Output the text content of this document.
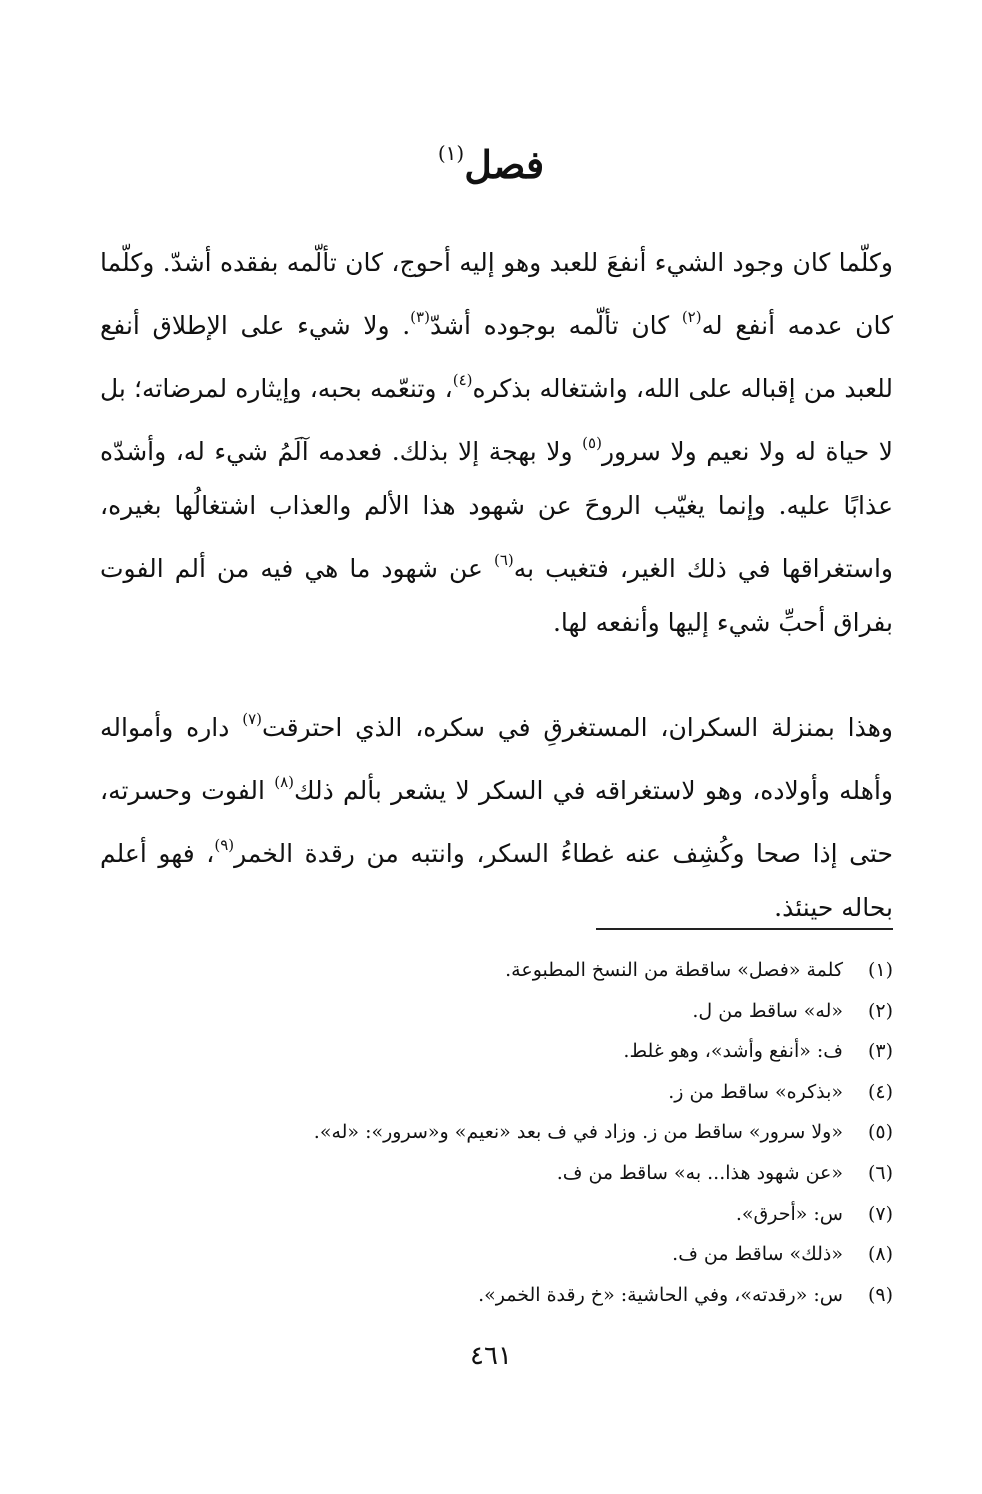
فصل$^{(١)}$

وكلّما كان وجود الشيء أنفعَ للعبد وهو إليه أحوج، كان تألّمه بفقده أشدّ. وكلّما كان عدمه أنفع له$^{(٢)}$ كان تألّمه بوجوده أشدّ$^{(٣)}$. ولا شيء على الإطلاق أنفع للعبد من إقباله على الله، واشتغاله بذكره$^{(٤)}$، وتنعّمه بحبه، وإيثاره لمرضاته؛ بل لا حياة له ولا نعيم ولا سرور$^{(٥)}$ ولا بهجة إلا بذلك. فعدمه آلَمُ شيء له، وأشدّه عذابًا عليه. وإنما يغيّب الروحَ عن شهود هذا الألم والعذاب اشتغالُها بغيره، واستغراقها في ذلك الغير، فتغيب به$^{(٦)}$ عن شهود ما هي فيه من ألم الفوت بفراق أحبِّ شيء إليها وأنفعه لها.

وهذا بمنزلة السكران، المستغرقِ في سكره، الذي احترقت$^{(٧)}$ داره وأمواله وأهله وأولاده، وهو لاستغراقه في السكر لا يشعر بألم ذلك$^{(٨)}$ الفوت وحسرته، حتى إذا صحا وكُشِف عنه غطاءُ السكر، وانتبه من رقدة الخمر$^{(٩)}$، فهو أعلم بحاله حينئذ.

(١)
كلمة «فصل» ساقطة من النسخ المطبوعة.
(٢)
«له» ساقط من ل.
(٣)
ف: «أنفع وأشد»، وهو غلط.
(٤)
«بذكره» ساقط من ز.
(٥)
«ولا سرور» ساقط من ز. وزاد في ف بعد «نعيم» و«سرور»: «له».
(٦)
«عن شهود هذا... به» ساقط من ف.
(٧)
س: «أحرق».
(٨)
«ذلك» ساقط من ف.
(٩)
س: «رقدته»، وفي الحاشية: «خ رقدة الخمر».
٤٦١
